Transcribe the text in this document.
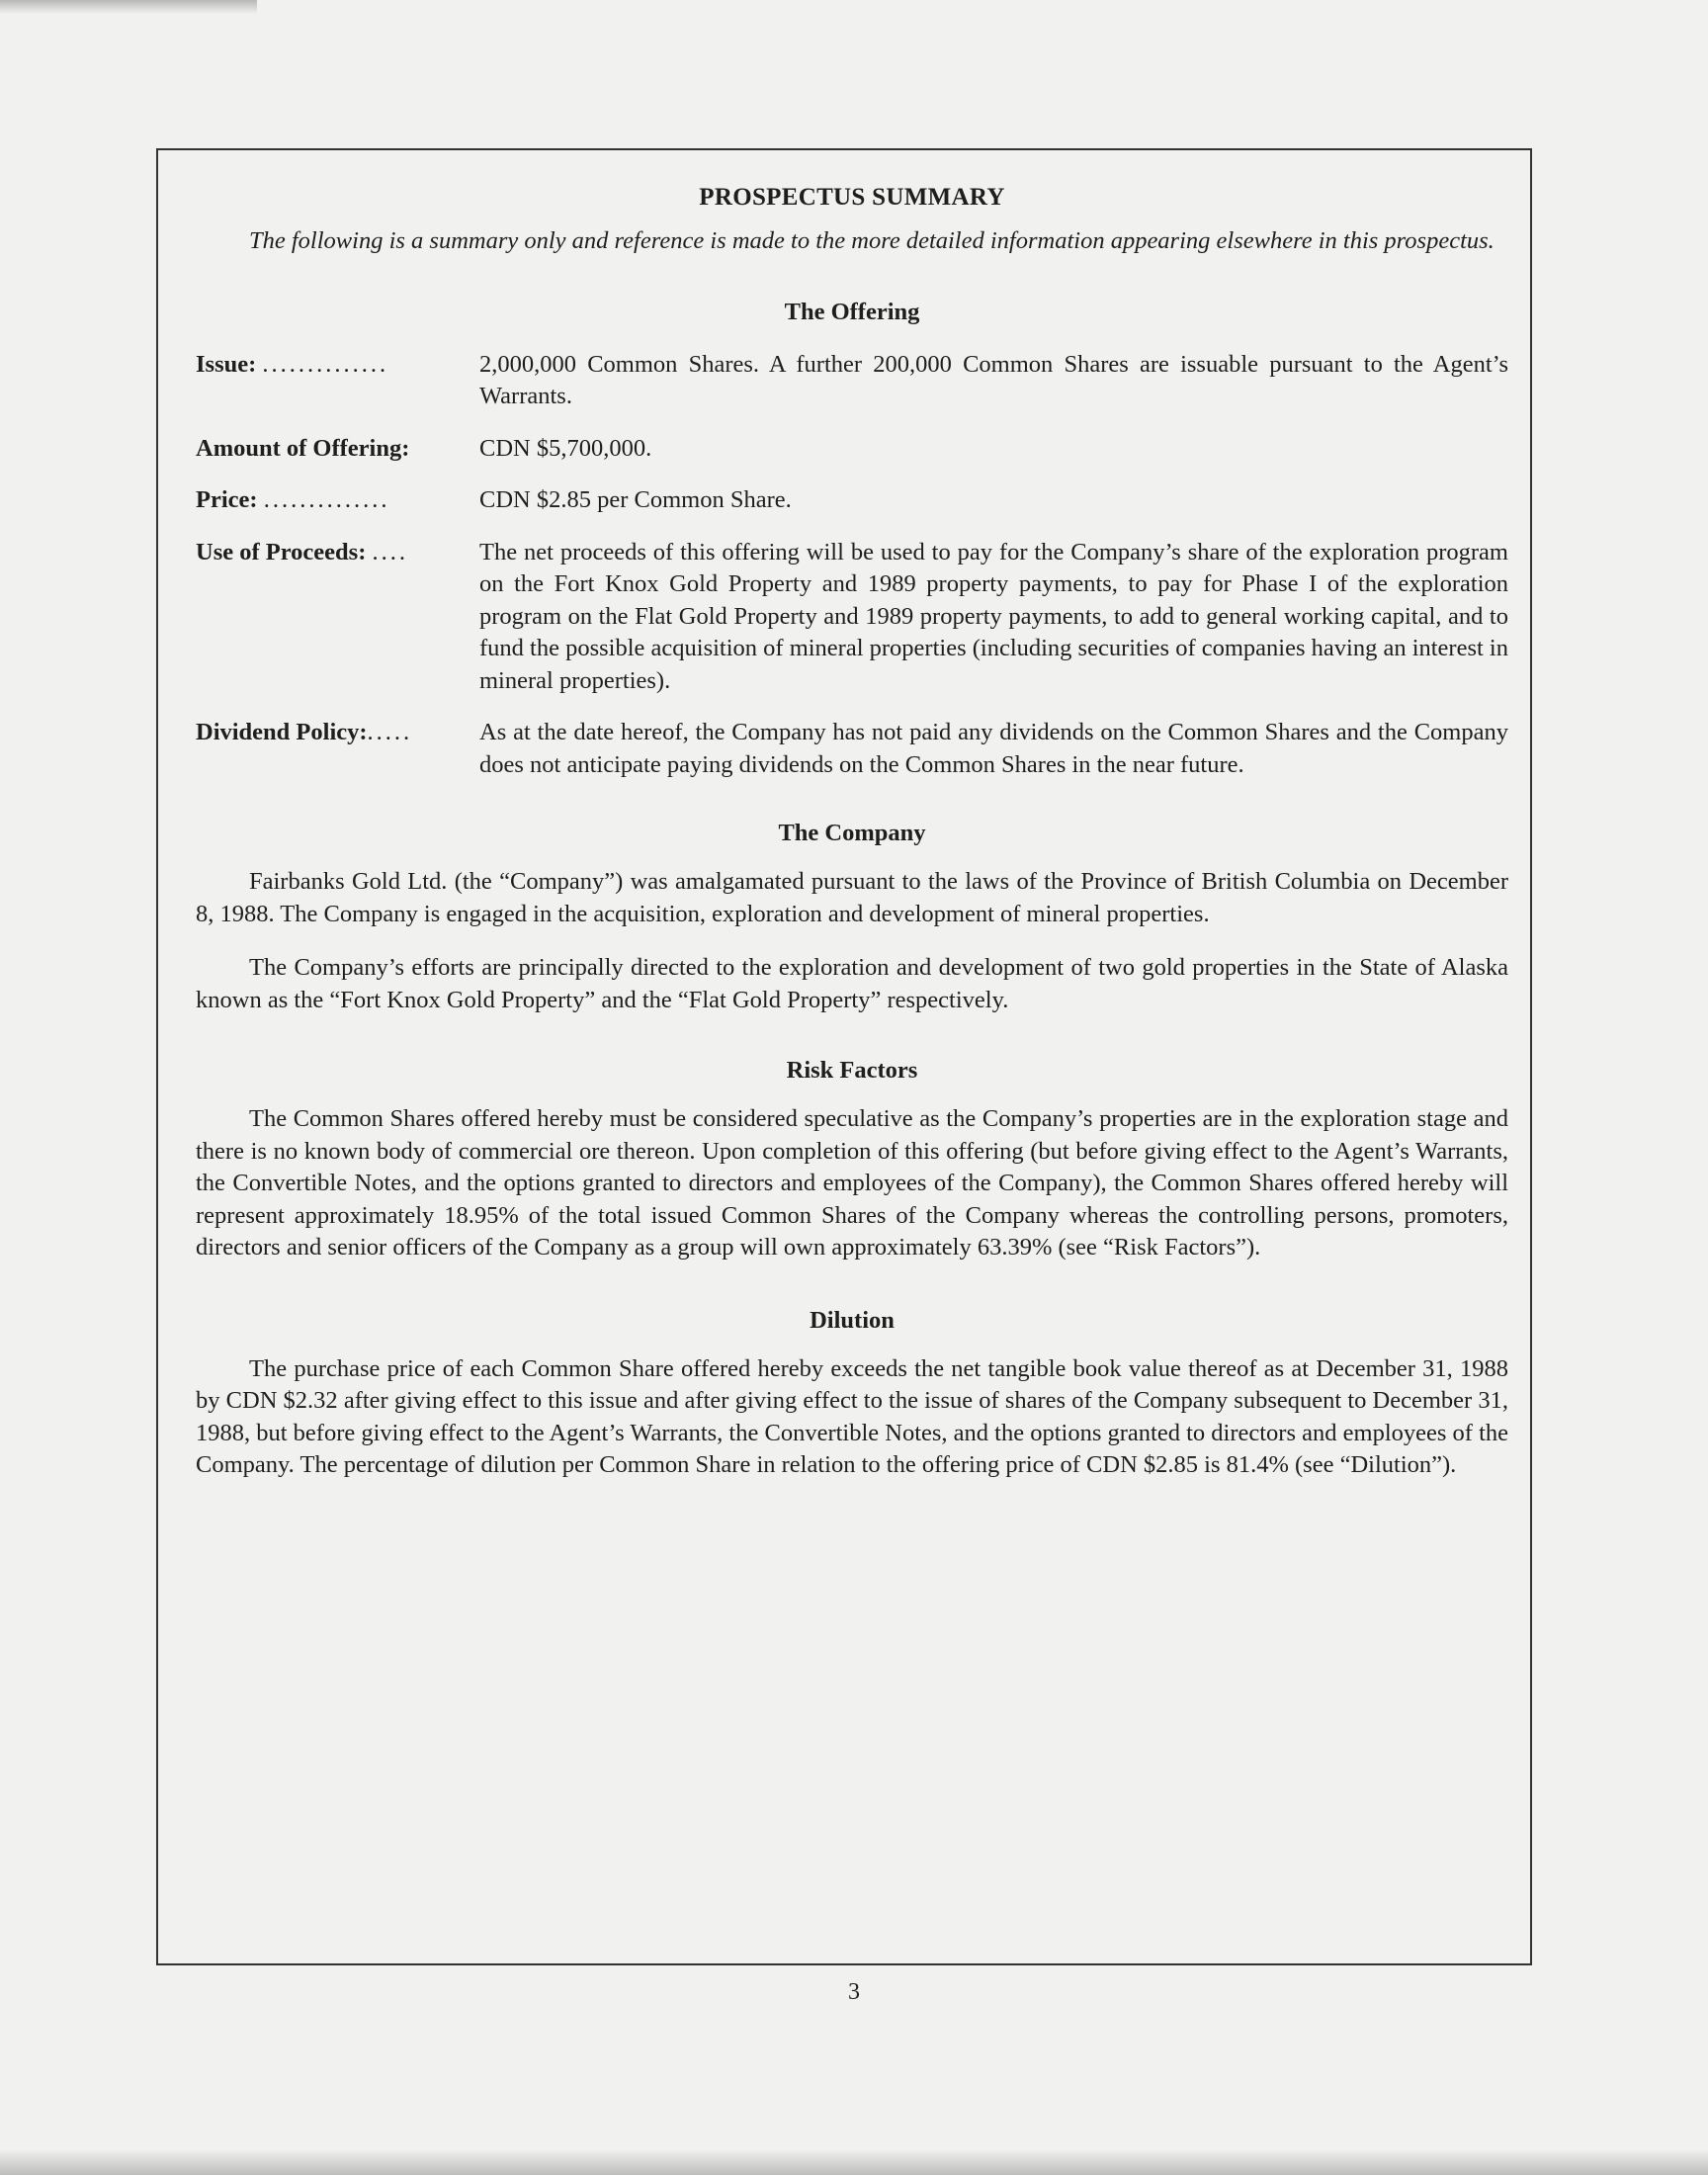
PROSPECTUS SUMMARY

The following is a summary only and reference is made to the more detailed information appearing elsewhere in this prospectus.

The Offering
Issue: ..............	2,000,000 Common Shares. A further 200,000 Common Shares are issuable pursuant to the Agent’s Warrants.
Amount of Offering:	CDN $5,700,000.
Price: ..............	CDN $2.85 per Common Share.
Use of Proceeds: ....	The net proceeds of this offering will be used to pay for the Company’s share of the exploration program on the Fort Knox Gold Property and 1989 property payments, to pay for Phase I of the exploration program on the Flat Gold Property and 1989 property payments, to add to general working capital, and to fund the possible acquisition of mineral properties (including securities of companies having an interest in mineral properties).
Dividend Policy:.....	As at the date hereof, the Company has not paid any dividends on the Common Shares and the Company does not anticipate paying dividends on the Common Shares in the near future.
The Company

Fairbanks Gold Ltd. (the “Company”) was amalgamated pursuant to the laws of the Province of British Columbia on December 8, 1988. The Company is engaged in the acquisition, exploration and development of mineral properties.

The Company’s efforts are principally directed to the exploration and development of two gold properties in the State of Alaska known as the “Fort Knox Gold Property” and the “Flat Gold Property” respectively.

Risk Factors

The Common Shares offered hereby must be considered speculative as the Company’s properties are in the exploration stage and there is no known body of commercial ore thereon. Upon completion of this offering (but before giving effect to the Agent’s Warrants, the Convertible Notes, and the options granted to directors and employees of the Company), the Common Shares offered hereby will represent approximately 18.95% of the total issued Common Shares of the Company whereas the controlling persons, promoters, directors and senior officers of the Company as a group will own approximately 63.39% (see “Risk Factors”).

Dilution

The purchase price of each Common Share offered hereby exceeds the net tangible book value thereof as at December 31, 1988 by CDN $2.32 after giving effect to this issue and after giving effect to the issue of shares of the Company subsequent to December 31, 1988, but before giving effect to the Agent’s Warrants, the Convertible Notes, and the options granted to directors and employees of the Company. The percentage of dilution per Common Share in relation to the offering price of CDN $2.85 is 81.4% (see “Dilution”).

3
